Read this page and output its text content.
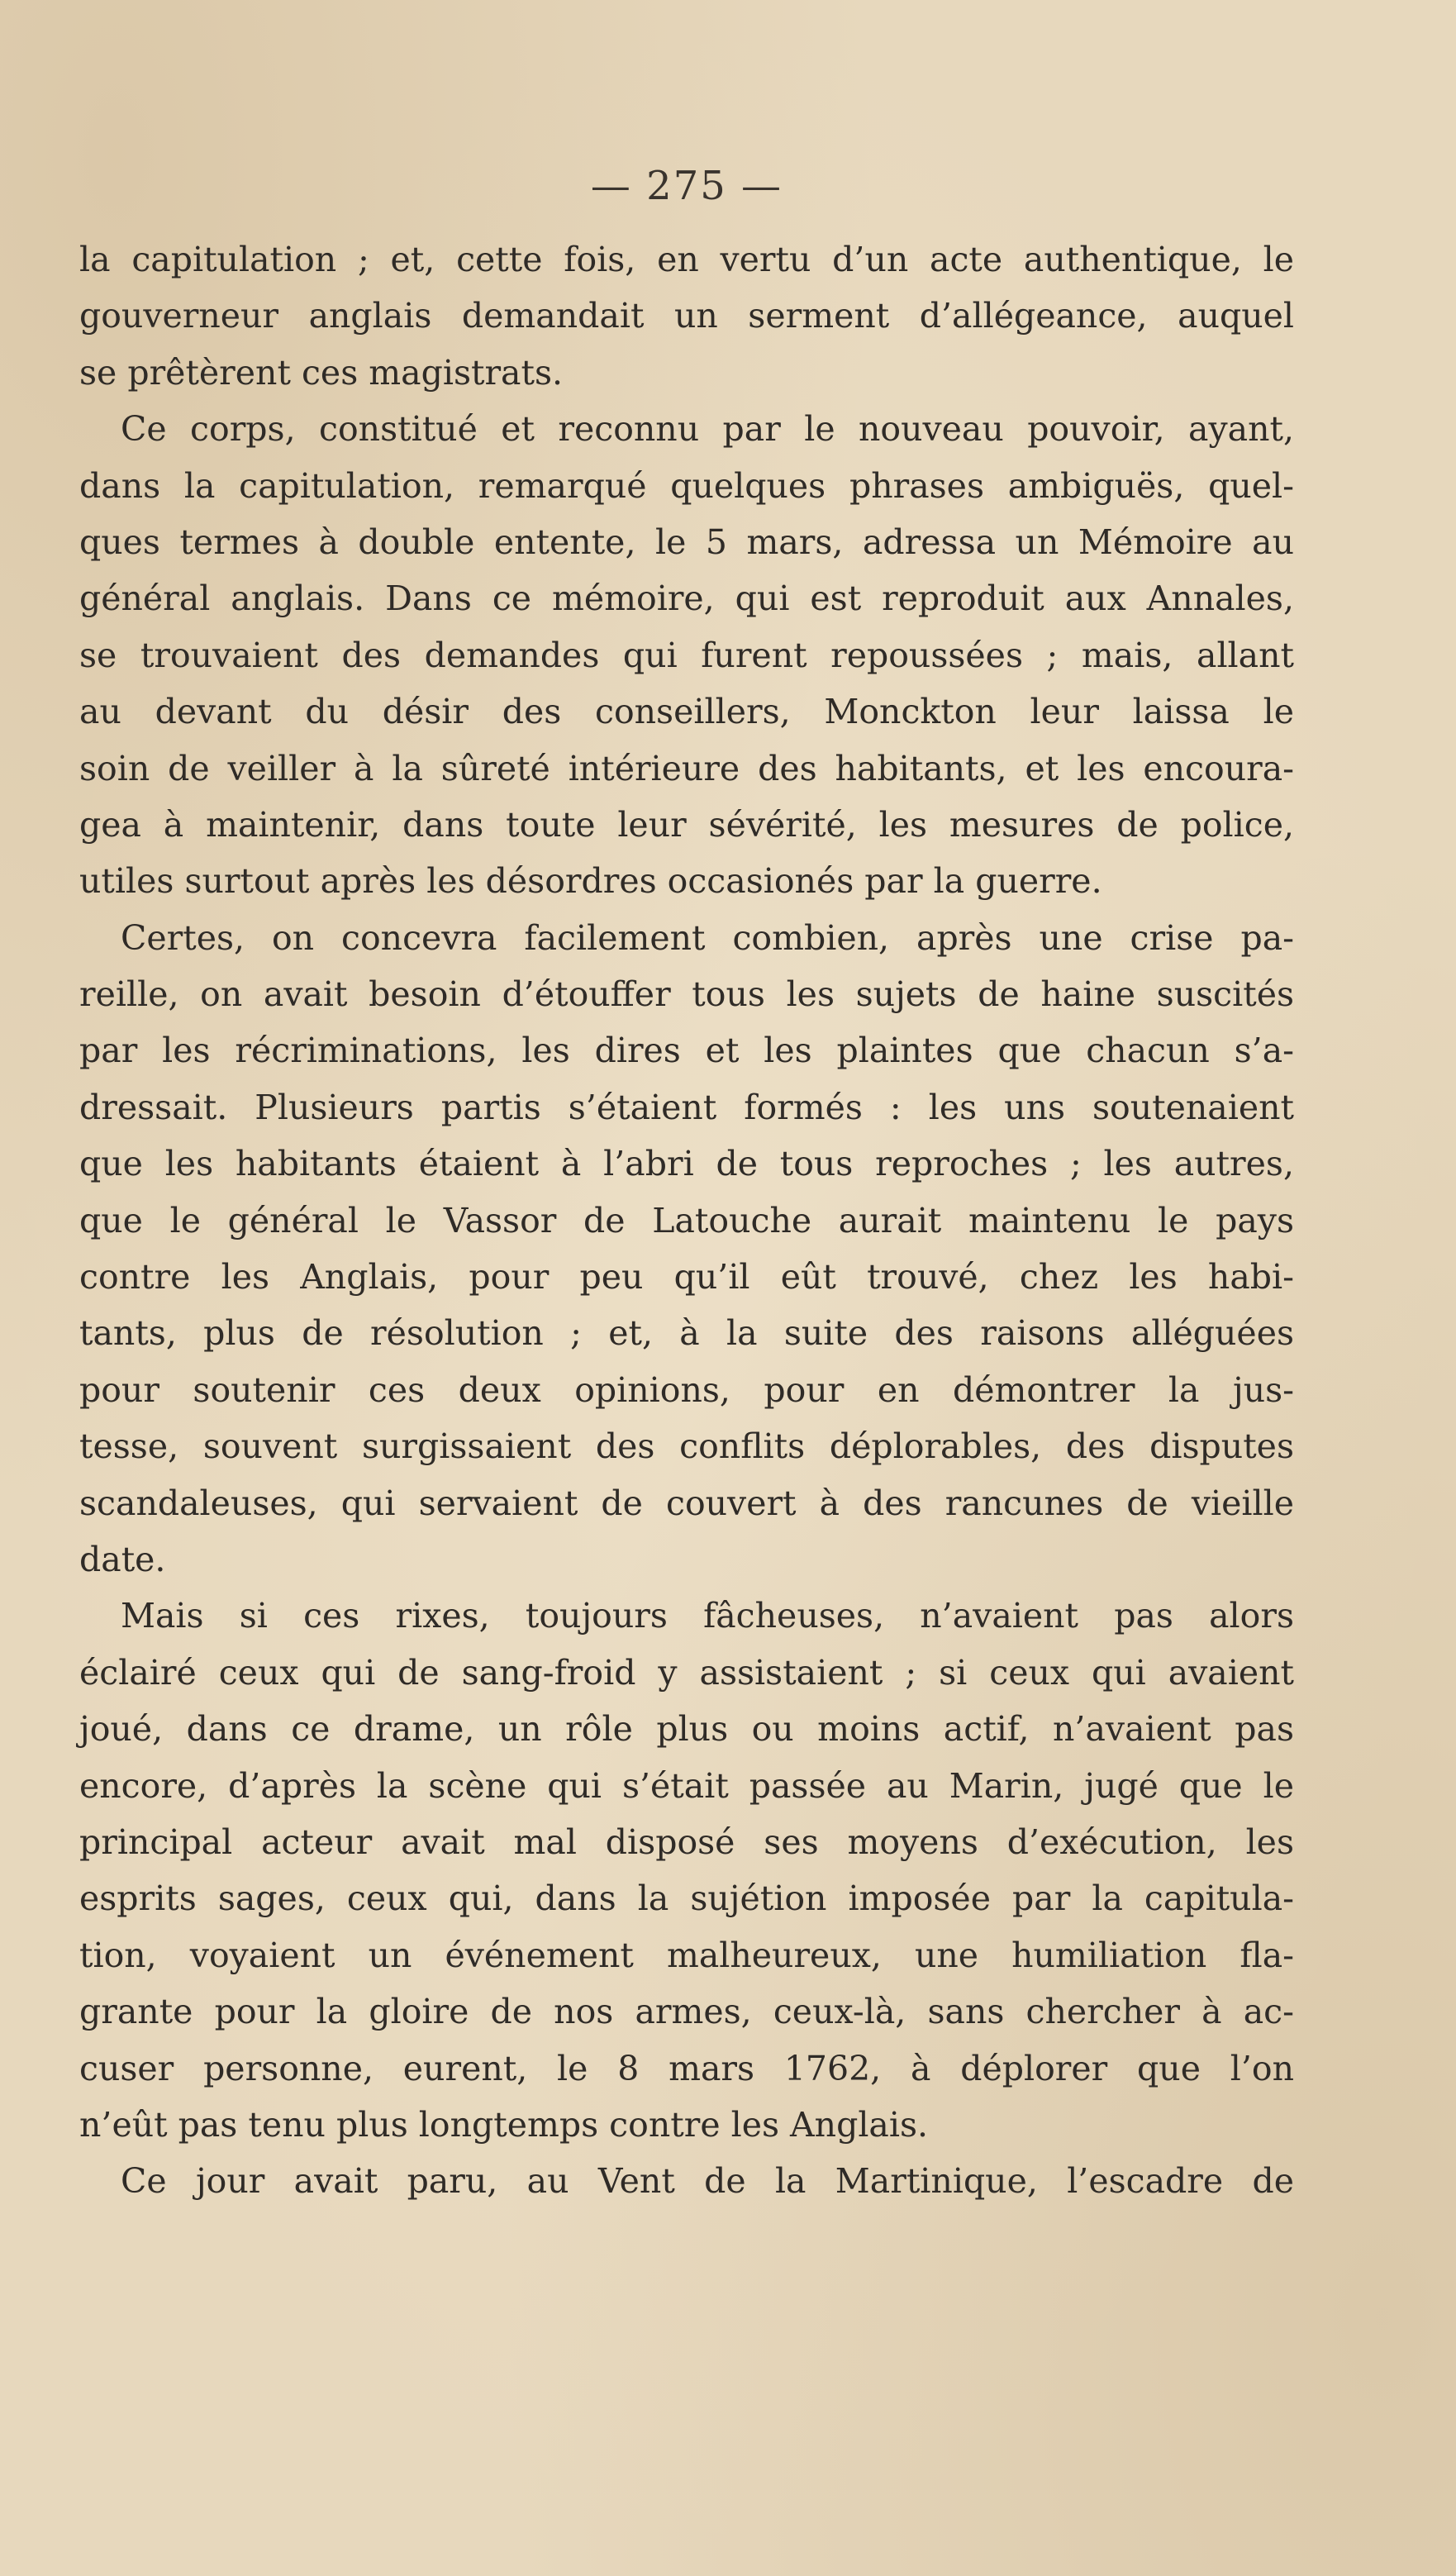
— 275 —
la capitulation ; et, cette fois, en vertu d’un acte authentique, le
gouverneur anglais demandait un serment d’allégeance, auquel
se prêtèrent ces magistrats.
Ce corps, constitué et reconnu par le nouveau pouvoir, ayant,
dans la capitulation, remarqué quelques phrases ambiguës, quel-
ques termes à double entente, le 5 mars, adressa un Mémoire au
général anglais. Dans ce mémoire, qui est reproduit aux Annales,
se trouvaient des demandes qui furent repoussées ; mais, allant
au devant du désir des conseillers, Monckton leur laissa le
soin de veiller à la sûreté intérieure des habitants, et les encoura-
gea à maintenir, dans toute leur sévérité, les mesures de police,
utiles surtout après les désordres occasionés par la guerre.
Certes, on concevra facilement combien, après une crise pa-
reille, on avait besoin d’étouffer tous les sujets de haine suscités
par les récriminations, les dires et les plaintes que chacun s’a-
dressait. Plusieurs partis s’étaient formés : les uns soutenaient
que les habitants étaient à l’abri de tous reproches ; les autres,
que le général le Vassor de Latouche aurait maintenu le pays
contre les Anglais, pour peu qu’il eût trouvé, chez les habi-
tants, plus de résolution ; et, à la suite des raisons alléguées
pour soutenir ces deux opinions, pour en démontrer la jus-
tesse, souvent surgissaient des conflits déplorables, des disputes
scandaleuses, qui servaient de couvert à des rancunes de vieille
date.
Mais si ces rixes, toujours fâcheuses, n’avaient pas alors
éclairé ceux qui de sang-froid y assistaient ; si ceux qui avaient
joué, dans ce drame, un rôle plus ou moins actif, n’avaient pas
encore, d’après la scène qui s’était passée au Marin, jugé que le
principal acteur avait mal disposé ses moyens d’exécution, les
esprits sages, ceux qui, dans la sujétion imposée par la capitula-
tion, voyaient un événement malheureux, une humiliation fla-
grante pour la gloire de nos armes, ceux-là, sans chercher à ac-
cuser personne, eurent, le 8 mars 1762, à déplorer que l’on
n’eût pas tenu plus longtemps contre les Anglais.
Ce jour avait paru, au Vent de la Martinique, l’escadre de
